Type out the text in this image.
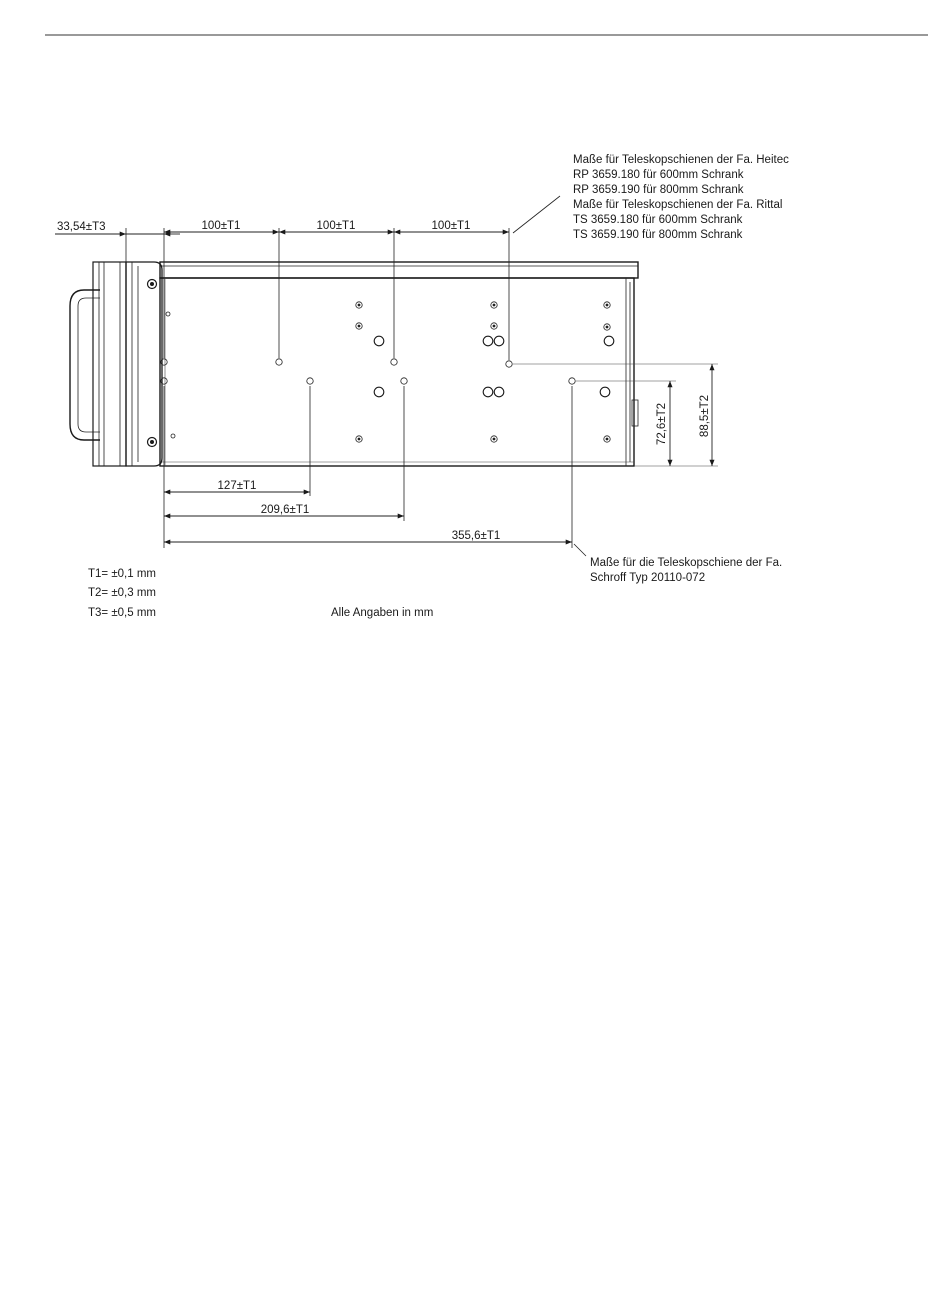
33,54±T3	100±T1	100±T1	100±T1
127±T1
209,6±T1
355,6±T1
72,6±T2	88,5±T2
Maße für Teleskopschienen der Fa. Heitec
RP 3659.180 für 600mm Schrank
RP 3659.190 für 800mm Schrank
Maße für Teleskopschienen der Fa. Rittal
TS 3659.180 für 600mm Schrank
TS 3659.190 für 800mm Schrank
Maße für die Teleskopschiene der Fa.
Schroff Typ 20110-072
T1= ±0,1 mm
T2= ±0,3 mm
T3= ±0,5 mm	Alle Angaben in mm
